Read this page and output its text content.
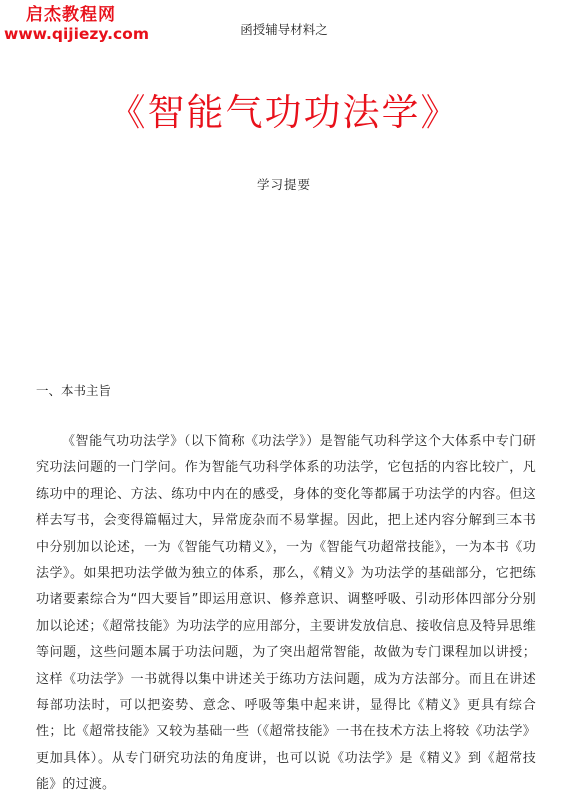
启杰教程网
www.qijiezy.com	函授辅导材料之
《智能气功功法学》
学习提要
一、本书主旨

《智能气功功法学》（以下简称《功法学》）是智能气功科学这个大体系中专门研究功法问题的一门学问。作为智能气功科学体系的功法学，它包括的内容比较广，凡练功中的理论、方法、练功中内在的感受，身体的变化等都属于功法学的内容。但这样去写书，会变得篇幅过大，异常庞杂而不易掌握。因此，把上述内容分解到三本书中分别加以论述，一为《智能气功精义》，一为《智能气功超常技能》，一为本书《功法学》。如果把功法学做为独立的体系，那么，《精义》为功法学的基础部分，它把练功诸要素综合为“四大要旨”即运用意识、修养意识、调整呼吸、引动形体四部分分别加以论述；《超常技能》为功法学的应用部分，主要讲发放信息、接收信息及特异思维等问题，这些问题本属于功法问题，为了突出超常智能，故做为专门课程加以讲授；这样《功法学》一书就得以集中讲述关于练功方法问题，成为方法部分。而且在讲述每部功法时，可以把姿势、意念、呼吸等集中起来讲，显得比《精义》更具有综合性；比《超常技能》又较为基础一些（《超常技能》一书在技术方法上将较《功法学》更加具体）。从专门研究功法的角度讲，也可以说《功法学》是《精义》到《超常技能》的过渡。
